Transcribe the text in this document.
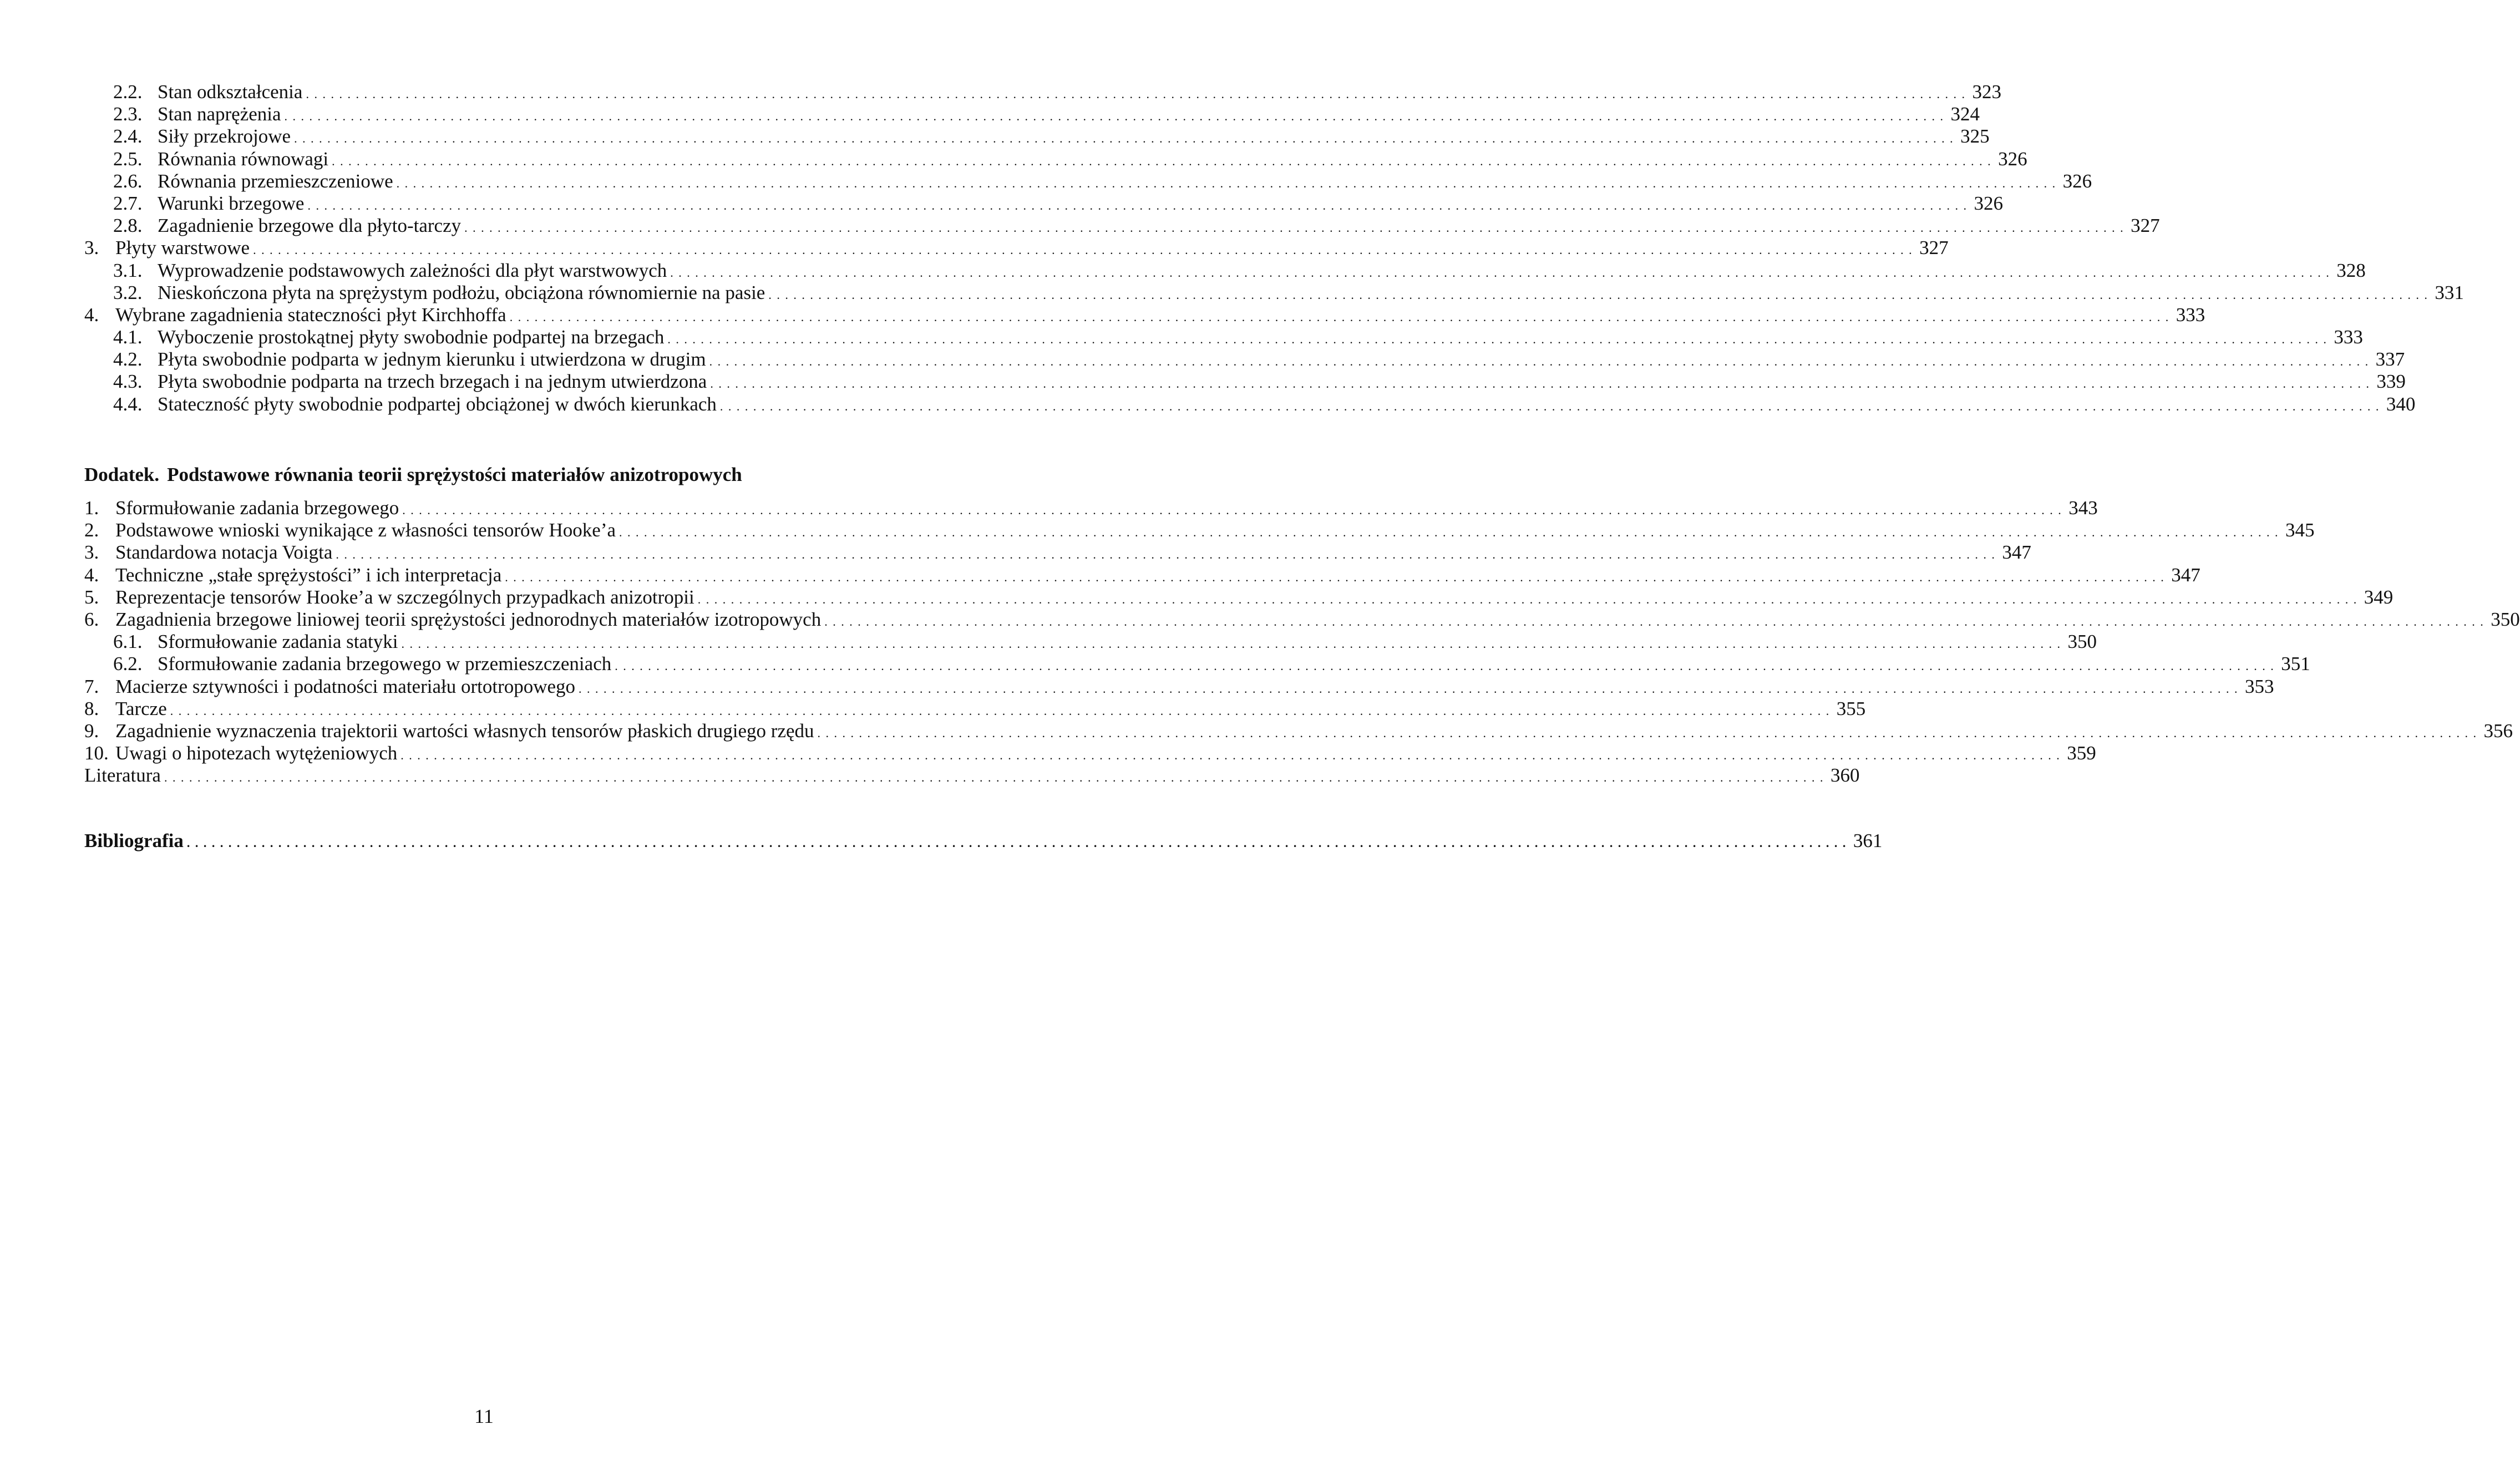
2.2. Stan odkształcenia . . . . . . . . . . . . . . . . . . . . . . . . . . . . . . . . . . . . . . . . . . . . . . . . . . . . . . . . . . . . . . . . . . . . . . . . . . . . . . . . . . . . . . . . . . . . . . . . . . . . . . . . . . . . . . . . . . . . . . . . . . . . . . . . . . . . . . . . . . . . . . . . . . . . . . . . . . . . . . . . . . . . . . . . . . . . . . . . . . . . . . . . . . . . . . . . . . . . . . . . 323
2.3. Stan naprężenia . . . . . . . . . . . . . . . . . . . . . . . . . . . . . . . . . . . . . . . . . . . . . . . . . . . . . . . . . . . . . . . . . . . . . . . . . . . . . . . . . . . . . . . . . . . . . . . . . . . . . . . . . . . . . . . . . . . . . . . . . . . . . . . . . . . . . . . . . . . . . . . . . . . . . . . . . . . . . . . . . . . . . . . . . . . . . . . . . . . . . . . . . . . . . . . . . . . . . . . . 324
2.4. Siły przekrojowe . . . . . . . . . . . . . . . . . . . . . . . . . . . . . . . . . . . . . . . . . . . . . . . . . . . . . . . . . . . . . . . . . . . . . . . . . . . . . . . . . . . . . . . . . . . . . . . . . . . . . . . . . . . . . . . . . . . . . . . . . . . . . . . . . . . . . . . . . . . . . . . . . . . . . . . . . . . . . . . . . . . . . . . . . . . . . . . . . . . . . . . . . . . . . . . . . . . . . . . . 325
2.5. Równania równowagi . . . . . . . . . . . . . . . . . . . . . . . . . . . . . . . . . . . . . . . . . . . . . . . . . . . . . . . . . . . . . . . . . . . . . . . . . . . . . . . . . . . . . . . . . . . . . . . . . . . . . . . . . . . . . . . . . . . . . . . . . . . . . . . . . . . . . . . . . . . . . . . . . . . . . . . . . . . . . . . . . . . . . . . . . . . . . . . . . . . . . . . . . . . . . . . . . . . . . . . . 326
2.6. Równania przemieszczeniowe . . . . . . . . . . . . . . . . . . . . . . . . . . . . . . . . . . . . . . . . . . . . . . . . . . . . . . . . . . . . . . . . . . . . . . . . . . . . . . . . . . . . . . . . . . . . . . . . . . . . . . . . . . . . . . . . . . . . . . . . . . . . . . . . . . . . . . . . . . . . . . . . . . . . . . . . . . . . . . . . . . . . . . . . . . . . . . . . . . . . . . . . . . . . . . . . . . . . . . . . 326
2.7. Warunki brzegowe . . . . . . . . . . . . . . . . . . . . . . . . . . . . . . . . . . . . . . . . . . . . . . . . . . . . . . . . . . . . . . . . . . . . . . . . . . . . . . . . . . . . . . . . . . . . . . . . . . . . . . . . . . . . . . . . . . . . . . . . . . . . . . . . . . . . . . . . . . . . . . . . . . . . . . . . . . . . . . . . . . . . . . . . . . . . . . . . . . . . . . . . . . . . . . . . . . . . . . . . 326
2.8. Zagadnienie brzegowe dla płyto-tarczy . . . . . . . . . . . . . . . . . . . . . . . . . . . . . . . . . . . . . . . . . . . . . . . . . . . . . . . . . . . . . . . . . . . . . . . . . . . . . . . . . . . . . . . . . . . . . . . . . . . . . . . . . . . . . . . . . . . . . . . . . . . . . . . . . . . . . . . . . . . . . . . . . . . . . . . . . . . . . . . . . . . . . . . . . . . . . . . . . . . . . . . . . . . . . . . . . . . . . . . . 327
3. Płyty warstwowe . . . . . . . . . . . . . . . . . . . . . . . . . . . . . . . . . . . . . . . . . . . . . . . . . . . . . . . . . . . . . . . . . . . . . . . . . . . . . . . . . . . . . . . . . . . . . . . . . . . . . . . . . . . . . . . . . . . . . . . . . . . . . . . . . . . . . . . . . . . . . . . . . . . . . . . . . . . . . . . . . . . . . . . . . . . . . . . . . . . . . . . . . . . . . . . . . . . . . . . . 327
3.1. Wyprowadzenie podstawowych zależności dla płyt warstwowych . . . . . . . . . . . . . . . . . . . . . . . . . . . . . . . . . . . . . . . . . . . . . . . . . . . . . . . . . . . . . . . . . . . . . . . . . . . . . . . . . . . . . . . . . . . . . . . . . . . . . . . . . . . . . . . . . . . . . . . . . . . . . . . . . . . . . . . . . . . . . . . . . . . . . . . . . . . . . . . . . . . . . . . . . . . . . . . . . . . . . . . . . . . . . . . . . . . . . . . . 328
3.2. Nieskończona płyta na sprężystym podłożu, obciążona równomiernie na pasie . . . . . . . . . . . . . . . . . . . . . . . . . . . . . . . . . . . . . . . . . . . . . . . . . . . . . . . . . . . . . . . . . . . . . . . . . . . . . . . . . . . . . . . . . . . . . . . . . . . . . . . . . . . . . . . . . . . . . . . . . . . . . . . . . . . . . . . . . . . . . . . . . . . . . . . . . . . . . . . . . . . . . . . . . . . . . . . . . . . . . . . . . . . . . . . . . . . . . . . . 331
4. Wybrane zagadnienia stateczności płyt Kirchhoffa . . . . . . . . . . . . . . . . . . . . . . . . . . . . . . . . . . . . . . . . . . . . . . . . . . . . . . . . . . . . . . . . . . . . . . . . . . . . . . . . . . . . . . . . . . . . . . . . . . . . . . . . . . . . . . . . . . . . . . . . . . . . . . . . . . . . . . . . . . . . . . . . . . . . . . . . . . . . . . . . . . . . . . . . . . . . . . . . . . . . . . . . . . . . . . . . . . . . . . . . 333
4.1. Wyboczenie prostokątnej płyty swobodnie podpartej na brzegach . . . . . . . . . . . . . . . . . . . . . . . . . . . . . . . . . . . . . . . . . . . . . . . . . . . . . . . . . . . . . . . . . . . . . . . . . . . . . . . . . . . . . . . . . . . . . . . . . . . . . . . . . . . . . . . . . . . . . . . . . . . . . . . . . . . . . . . . . . . . . . . . . . . . . . . . . . . . . . . . . . . . . . . . . . . . . . . . . . . . . . . . . . . . . . . . . . . . . . . . 333
4.2. Płyta swobodnie podparta w jednym kierunku i utwierdzona w drugim . . . . . . . . . . . . . . . . . . . . . . . . . . . . . . . . . . . . . . . . . . . . . . . . . . . . . . . . . . . . . . . . . . . . . . . . . . . . . . . . . . . . . . . . . . . . . . . . . . . . . . . . . . . . . . . . . . . . . . . . . . . . . . . . . . . . . . . . . . . . . . . . . . . . . . . . . . . . . . . . . . . . . . . . . . . . . . . . . . . . . . . . . . . . . . . . . . . . . . . . 337
4.3. Płyta swobodnie podparta na trzech brzegach i na jednym utwierdzona . . . . . . . . . . . . . . . . . . . . . . . . . . . . . . . . . . . . . . . . . . . . . . . . . . . . . . . . . . . . . . . . . . . . . . . . . . . . . . . . . . . . . . . . . . . . . . . . . . . . . . . . . . . . . . . . . . . . . . . . . . . . . . . . . . . . . . . . . . . . . . . . . . . . . . . . . . . . . . . . . . . . . . . . . . . . . . . . . . . . . . . . . . . . . . . . . . . . . . . . 339
4.4. Stateczność płyty swobodnie podpartej obciążonej w dwóch kierunkach . . . . . . . . . . . . . . . . . . . . . . . . . . . . . . . . . . . . . . . . . . . . . . . . . . . . . . . . . . . . . . . . . . . . . . . . . . . . . . . . . . . . . . . . . . . . . . . . . . . . . . . . . . . . . . . . . . . . . . . . . . . . . . . . . . . . . . . . . . . . . . . . . . . . . . . . . . . . . . . . . . . . . . . . . . . . . . . . . . . . . . . . . . . . . . . . . . . . . . . . 340
Dodatek. Podstawowe równania teorii sprężystości materiałów anizotropowych
1. Sformułowanie zadania brzegowego . . . . . . . . . . . . . . . . . . . . . . . . . . . . . . . . . . . . . . . . . . . . . . . . . . . . . . . . . . . . . . . . . . . . . . . . . . . . . . . . . . . . . . . . . . . . . . . . . . . . . . . . . . . . . . . . . . . . . . . . . . . . . . . . . . . . . . . . . . . . . . . . . . . . . . . . . . . . . . . . . . . . . . . . . . . . . . . . . . . . . . . . . . . . . . . . . . . . . . . . 343
2. Podstawowe wnioski wynikające z własności tensorów Hooke’a . . . . . . . . . . . . . . . . . . . . . . . . . . . . . . . . . . . . . . . . . . . . . . . . . . . . . . . . . . . . . . . . . . . . . . . . . . . . . . . . . . . . . . . . . . . . . . . . . . . . . . . . . . . . . . . . . . . . . . . . . . . . . . . . . . . . . . . . . . . . . . . . . . . . . . . . . . . . . . . . . . . . . . . . . . . . . . . . . . . . . . . . . . . . . . . . . . . . . . . . 345
3. Standardowa notacja Voigta . . . . . . . . . . . . . . . . . . . . . . . . . . . . . . . . . . . . . . . . . . . . . . . . . . . . . . . . . . . . . . . . . . . . . . . . . . . . . . . . . . . . . . . . . . . . . . . . . . . . . . . . . . . . . . . . . . . . . . . . . . . . . . . . . . . . . . . . . . . . . . . . . . . . . . . . . . . . . . . . . . . . . . . . . . . . . . . . . . . . . . . . . . . . . . . . . . . . . . . . 347
4. Techniczne „stałe sprężystości” i ich interpretacja . . . . . . . . . . . . . . . . . . . . . . . . . . . . . . . . . . . . . . . . . . . . . . . . . . . . . . . . . . . . . . . . . . . . . . . . . . . . . . . . . . . . . . . . . . . . . . . . . . . . . . . . . . . . . . . . . . . . . . . . . . . . . . . . . . . . . . . . . . . . . . . . . . . . . . . . . . . . . . . . . . . . . . . . . . . . . . . . . . . . . . . . . . . . . . . . . . . . . . . . 347
5. Reprezentacje tensorów Hooke’a w szczególnych przypadkach anizotropii . . . . . . . . . . . . . . . . . . . . . . . . . . . . . . . . . . . . . . . . . . . . . . . . . . . . . . . . . . . . . . . . . . . . . . . . . . . . . . . . . . . . . . . . . . . . . . . . . . . . . . . . . . . . . . . . . . . . . . . . . . . . . . . . . . . . . . . . . . . . . . . . . . . . . . . . . . . . . . . . . . . . . . . . . . . . . . . . . . . . . . . . . . . . . . . . . . . . . . . . 349
6. Zagadnienia brzegowe liniowej teorii sprężystości jednorodnych materiałów izotropowych . . . . . . . . . . . . . . . . . . . . . . . . . . . . . . . . . . . . . . . . . . . . . . . . . . . . . . . . . . . . . . . . . . . . . . . . . . . . . . . . . . . . . . . . . . . . . . . . . . . . . . . . . . . . . . . . . . . . . . . . . . . . . . . . . . . . . . . . . . . . . . . . . . . . . . . . . . . . . . . . . . . . . . . . . . . . . . . . . . . . . . . . . . . . . . . . . . . . . . . . 350
6.1. Sformułowanie zadania statyki . . . . . . . . . . . . . . . . . . . . . . . . . . . . . . . . . . . . . . . . . . . . . . . . . . . . . . . . . . . . . . . . . . . . . . . . . . . . . . . . . . . . . . . . . . . . . . . . . . . . . . . . . . . . . . . . . . . . . . . . . . . . . . . . . . . . . . . . . . . . . . . . . . . . . . . . . . . . . . . . . . . . . . . . . . . . . . . . . . . . . . . . . . . . . . . . . . . . . . . . 350
6.2. Sformułowanie zadania brzegowego w przemieszczeniach . . . . . . . . . . . . . . . . . . . . . . . . . . . . . . . . . . . . . . . . . . . . . . . . . . . . . . . . . . . . . . . . . . . . . . . . . . . . . . . . . . . . . . . . . . . . . . . . . . . . . . . . . . . . . . . . . . . . . . . . . . . . . . . . . . . . . . . . . . . . . . . . . . . . . . . . . . . . . . . . . . . . . . . . . . . . . . . . . . . . . . . . . . . . . . . . . . . . . . . . 351
7. Macierze sztywności i podatności materiału ortotropowego . . . . . . . . . . . . . . . . . . . . . . . . . . . . . . . . . . . . . . . . . . . . . . . . . . . . . . . . . . . . . . . . . . . . . . . . . . . . . . . . . . . . . . . . . . . . . . . . . . . . . . . . . . . . . . . . . . . . . . . . . . . . . . . . . . . . . . . . . . . . . . . . . . . . . . . . . . . . . . . . . . . . . . . . . . . . . . . . . . . . . . . . . . . . . . . . . . . . . . . . 353
8. Tarcze . . . . . . . . . . . . . . . . . . . . . . . . . . . . . . . . . . . . . . . . . . . . . . . . . . . . . . . . . . . . . . . . . . . . . . . . . . . . . . . . . . . . . . . . . . . . . . . . . . . . . . . . . . . . . . . . . . . . . . . . . . . . . . . . . . . . . . . . . . . . . . . . . . . . . . . . . . . . . . . . . . . . . . . . . . . . . . . . . . . . . . . . . . . . . . . . . . . . . . . . 355
9. Zagadnienie wyznaczenia trajektorii wartości własnych tensorów płaskich drugiego rzędu . . . . . . . . . . . . . . . . . . . . . . . . . . . . . . . . . . . . . . . . . . . . . . . . . . . . . . . . . . . . . . . . . . . . . . . . . . . . . . . . . . . . . . . . . . . . . . . . . . . . . . . . . . . . . . . . . . . . . . . . . . . . . . . . . . . . . . . . . . . . . . . . . . . . . . . . . . . . . . . . . . . . . . . . . . . . . . . . . . . . . . . . . . . . . . . . . . . . . . . . 356
10. Uwagi o hipotezach wytężeniowych . . . . . . . . . . . . . . . . . . . . . . . . . . . . . . . . . . . . . . . . . . . . . . . . . . . . . . . . . . . . . . . . . . . . . . . . . . . . . . . . . . . . . . . . . . . . . . . . . . . . . . . . . . . . . . . . . . . . . . . . . . . . . . . . . . . . . . . . . . . . . . . . . . . . . . . . . . . . . . . . . . . . . . . . . . . . . . . . . . . . . . . . . . . . . . . . . . . . . . . . 359
Literatura . . . . . . . . . . . . . . . . . . . . . . . . . . . . . . . . . . . . . . . . . . . . . . . . . . . . . . . . . . . . . . . . . . . . . . . . . . . . . . . . . . . . . . . . . . . . . . . . . . . . . . . . . . . . . . . . . . . . . . . . . . . . . . . . . . . . . . . . . . . . . . . . . . . . . . . . . . . . . . . . . . . . . . . . . . . . . . . . . . . . . . . . . . . . . . . . . . . . . . . . 360
Bibliografia . . . . . . . . . . . . . . . . . . . . . . . . . . . . . . . . . . . . . . . . . . . . . . . . . . . . . . . . . . . . . . . . . . . . . . . . . . . . . . . . . . . . . . . . . . . . . . . . . . . . . . . . . . . . . . . . . . . . . . . . . . . . . . . . . . . . . . . . . . . . . . . . . . . . . . . . . . . . . . . . . . . . . . . . . . . . . . . . . . . . . . . . . . . . . . . . . . . . . . . . 361
11
